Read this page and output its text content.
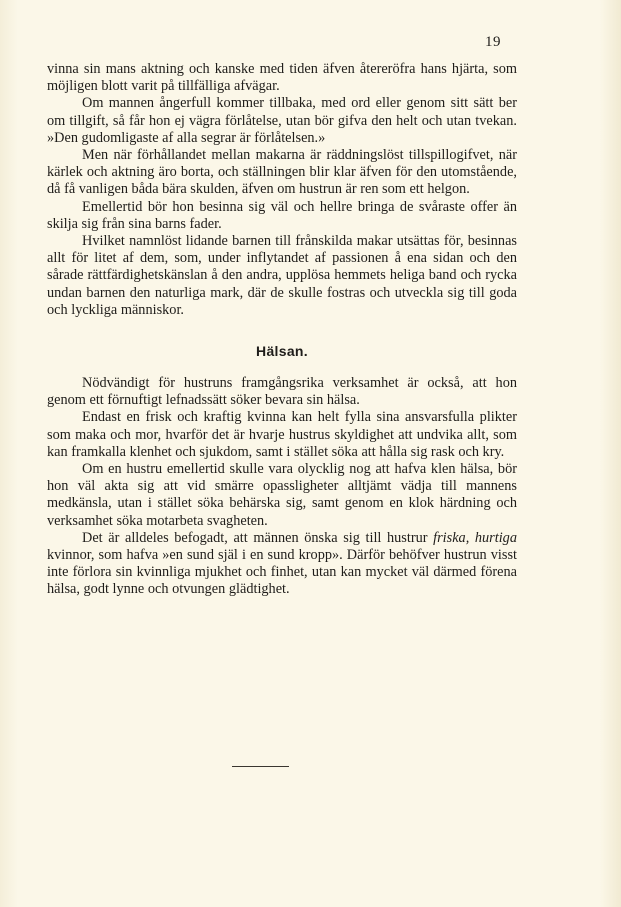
19

vinna sin mans aktning och kanske med tiden äfven återeröfra hans hjärta, som möjligen blott varit på tillfälliga afvägar.

Om mannen ångerfull kommer tillbaka, med ord eller genom sitt sätt ber om tillgift, så får hon ej vägra förlåtelse, utan bör gifva den helt och utan tvekan. »Den gudomligaste af alla segrar är förlåtelsen.»

Men när förhållandet mellan makarna är räddningslöst tillspillogifvet, när kärlek och aktning äro borta, och ställningen blir klar äfven för den utomstående, då få vanligen båda bära skulden, äfven om hustrun är ren som ett helgon.

Emellertid bör hon besinna sig väl och hellre bringa de svåraste offer än skilja sig från sina barns fader.

Hvilket namnlöst lidande barnen till frånskilda makar utsättas för, besinnas allt för litet af dem, som, under inflytandet af passionen å ena sidan och den sårade rättfärdighetskänslan å den andra, upplösa hemmets heliga band och rycka undan barnen den naturliga mark, där de skulle fostras och utveckla sig till goda och lyckliga människor.

Hälsan.

Nödvändigt för hustruns framgångsrika verksamhet är också, att hon genom ett förnuftigt lefnadssätt söker bevara sin hälsa.

Endast en frisk och kraftig kvinna kan helt fylla sina ansvarsfulla plikter som maka och mor, hvarför det är hvarje hustrus skyldighet att undvika allt, som kan framkalla klenhet och sjukdom, samt i stället söka att hålla sig rask och kry.

Om en hustru emellertid skulle vara olycklig nog att hafva klen hälsa, bör hon väl akta sig att vid smärre opassligheter alltjämt vädja till mannens medkänsla, utan i stället söka behärska sig, samt genom en klok härdning och verksamhet söka motarbeta svagheten.

Det är alldeles befogadt, att männen önska sig till hustrur friska, hurtiga kvinnor, som hafva »en sund själ i en sund kropp». Därför behöfver hustrun visst inte förlora sin kvinnliga mjukhet och finhet, utan kan mycket väl därmed förena hälsa, godt lynne och otvungen glädtighet.
